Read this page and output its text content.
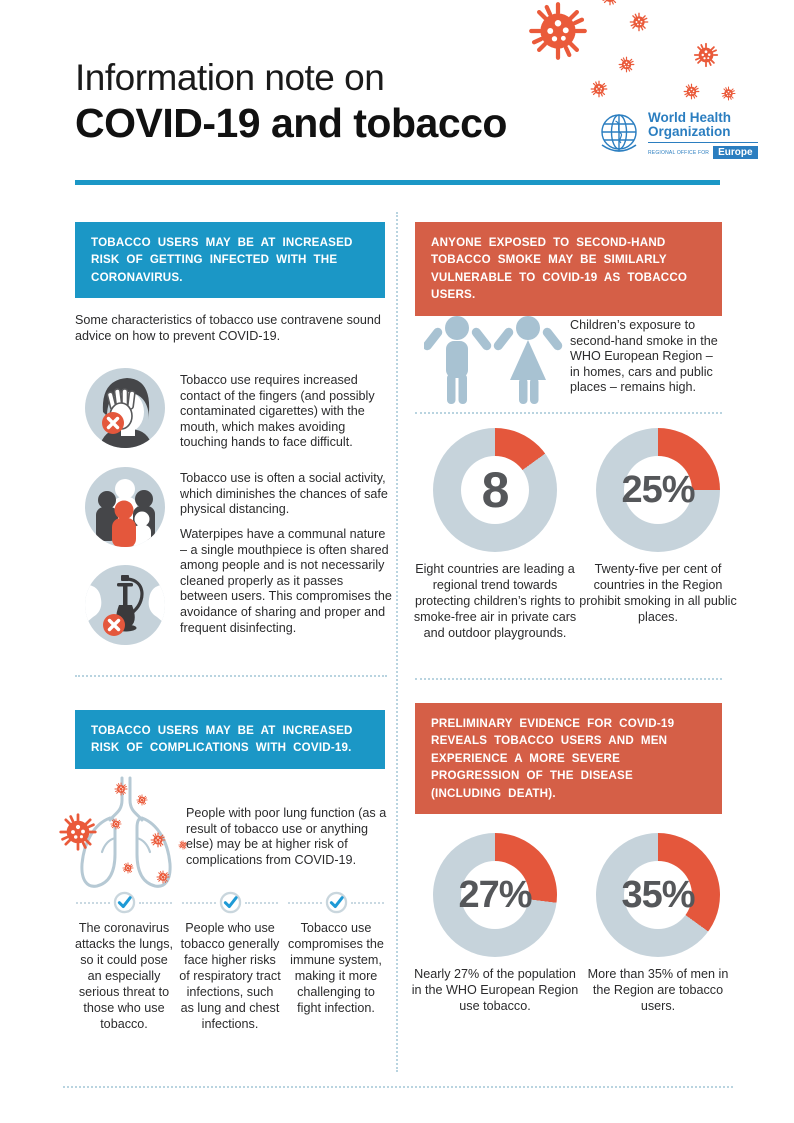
Information note on
COVID-19 and tobacco	World Health
Organization
REGIONAL OFFICE FOR Europe
TOBACCO USERS MAY BE AT INCREASED RISK OF GETTING INFECTED WITH THE CORONAVIRUS.

Some characteristics of tobacco use contravene sound advice on how to prevent COVID-19.

Tobacco use requires increased contact of the fingers (and possibly contaminated cigarettes) with the mouth, which makes avoiding touching hands to face difficult.

Tobacco use is often a social activity, which diminishes the chances of safe physical distancing.

Waterpipes have a communal nature – a single mouthpiece is often shared among people and is not necessarily cleaned properly as it passes between users. This compromises the avoidance of sharing and proper and frequent disinfecting.

TOBACCO USERS MAY BE AT INCREASED RISK OF COMPLICATIONS WITH COVID-19.

People with poor lung function (as a result of tobacco use or anything else) may be at higher risk of complications from COVID-19.

The coronavirus attacks the lungs, so it could pose an especially serious threat to those who use tobacco.

People who use tobacco generally face higher risks of respiratory tract infections, such as lung and chest infections.

Tobacco use compromises the immune system, making it more challenging to fight infection.

ANYONE EXPOSED TO SECOND-HAND TOBACCO SMOKE MAY BE SIMILARLY VULNERABLE TO COVID-19 AS TOBACCO USERS.

Children’s exposure to second-hand smoke in the WHO European Region – in homes, cars and public places – remains high.

8

Eight countries are leading a regional trend towards protecting children’s rights to smoke-free air in private cars and outdoor playgrounds.

25%

Twenty-five per cent of countries in the Region prohibit smoking in all public places.

PRELIMINARY EVIDENCE FOR COVID-19 REVEALS TOBACCO USERS AND MEN EXPERIENCE A MORE SEVERE PROGRESSION OF THE DISEASE (INCLUDING DEATH).
27%

Nearly 27% of the population in the WHO European Region use tobacco.

35%

More than 35% of men in the Region are tobacco users.
